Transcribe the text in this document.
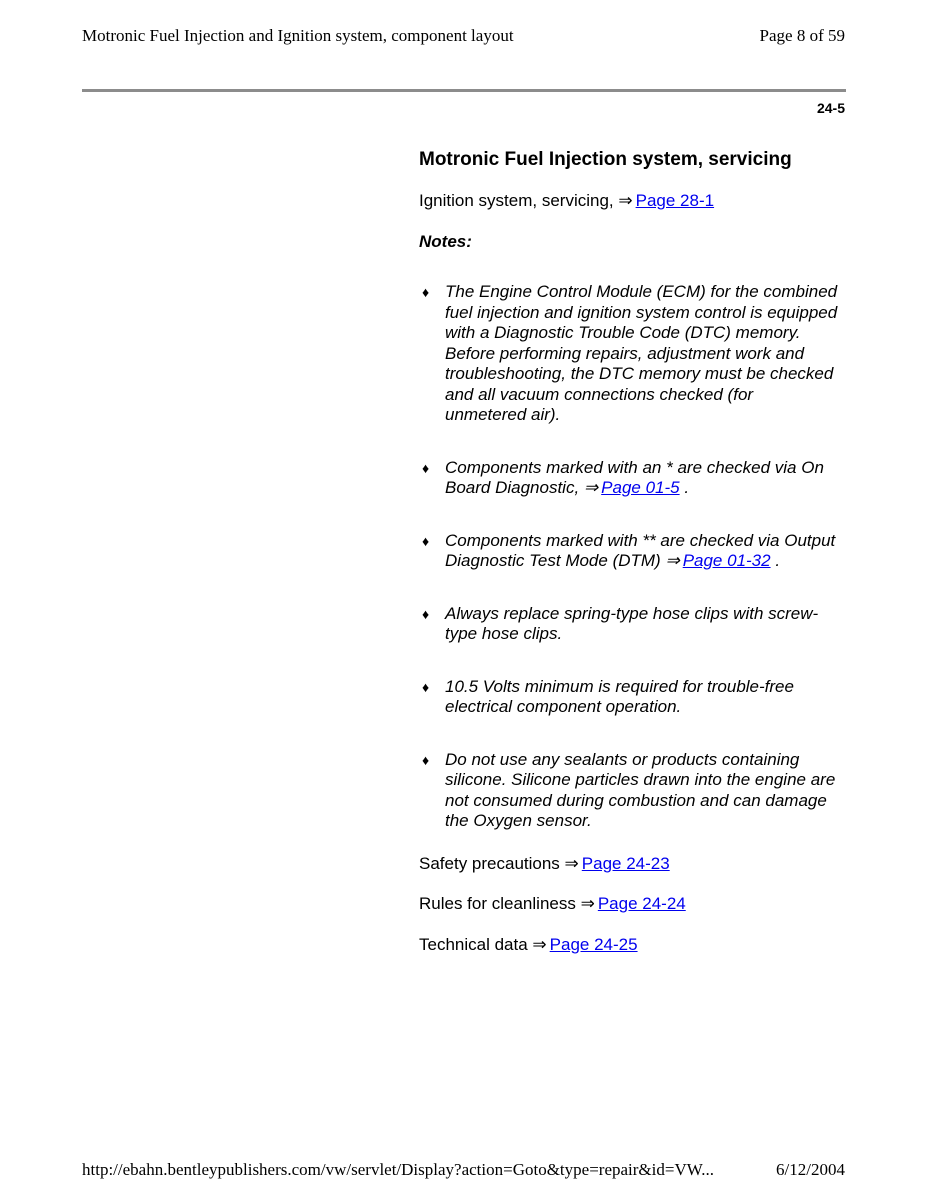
Motronic Fuel Injection and Ignition system, component layout	Page 8 of 59
24-5
Motronic Fuel Injection system, servicing
Ignition system, servicing, ⇒ Page 28-1
Notes:
♦ The Engine Control Module (ECM) for the combined fuel injection and ignition system control is equipped with a Diagnostic Trouble Code (DTC) memory. Before performing repairs, adjustment work and troubleshooting, the DTC memory must be checked and all vacuum connections checked (for unmetered air).
♦ Components marked with an * are checked via On Board Diagnostic, ⇒ Page 01-5 .
♦ Components marked with ** are checked via Output Diagnostic Test Mode (DTM) ⇒ Page 01-32 .
♦ Always replace spring-type hose clips with screw-type hose clips.
♦ 10.5 Volts minimum is required for trouble-free electrical component operation.
♦ Do not use any sealants or products containing silicone. Silicone particles drawn into the engine are not consumed during combustion and can damage the Oxygen sensor.
Safety precautions ⇒ Page 24-23
Rules for cleanliness ⇒ Page 24-24
Technical data ⇒ Page 24-25
http://ebahn.bentleypublishers.com/vw/servlet/Display?action=Goto&type=repair&id=VW...	6/12/2004
